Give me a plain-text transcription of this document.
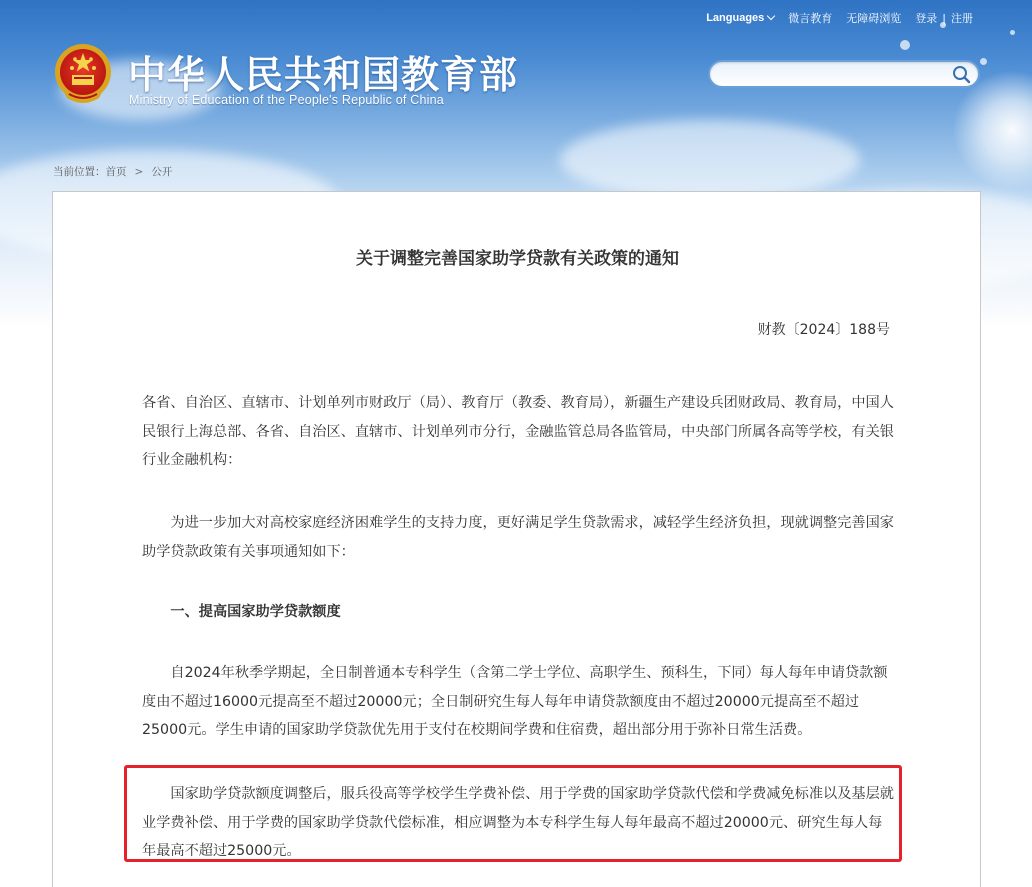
Languages	微言教育	无障碍浏览	登录 | 注册
中华人民共和国教育部
Ministry of Education of the People's Republic of China
当前位置：首页 > 公开
关于调整完善国家助学贷款有关政策的通知
财教〔2024〕188号

各省、自治区、直辖市、计划单列市财政厅（局）、教育厅（教委、教育局），新疆生产建设兵团财政局、教育局，中国人民银行上海总部、各省、自治区、直辖市、计划单列市分行，金融监管总局各监管局，中央部门所属各高等学校，有关银行业金融机构：

为进一步加大对高校家庭经济困难学生的支持力度，更好满足学生贷款需求，减轻学生经济负担，现就调整完善国家助学贷款政策有关事项通知如下：

一、提高国家助学贷款额度

自2024年秋季学期起，全日制普通本专科学生（含第二学士学位、高职学生、预科生，下同）每人每年申请贷款额度由不超过16000元提高至不超过20000元；全日制研究生每人每年申请贷款额度由不超过20000元提高至不超过25000元。学生申请的国家助学贷款优先用于支付在校期间学费和住宿费，超出部分用于弥补日常生活费。

国家助学贷款额度调整后，服兵役高等学校学生学费补偿、用于学费的国家助学贷款代偿和学费减免标准以及基层就业学费补偿、用于学费的国家助学贷款代偿标准，相应调整为本专科学生每人每年最高不超过20000元、研究生每人每年最高不超过25000元。
